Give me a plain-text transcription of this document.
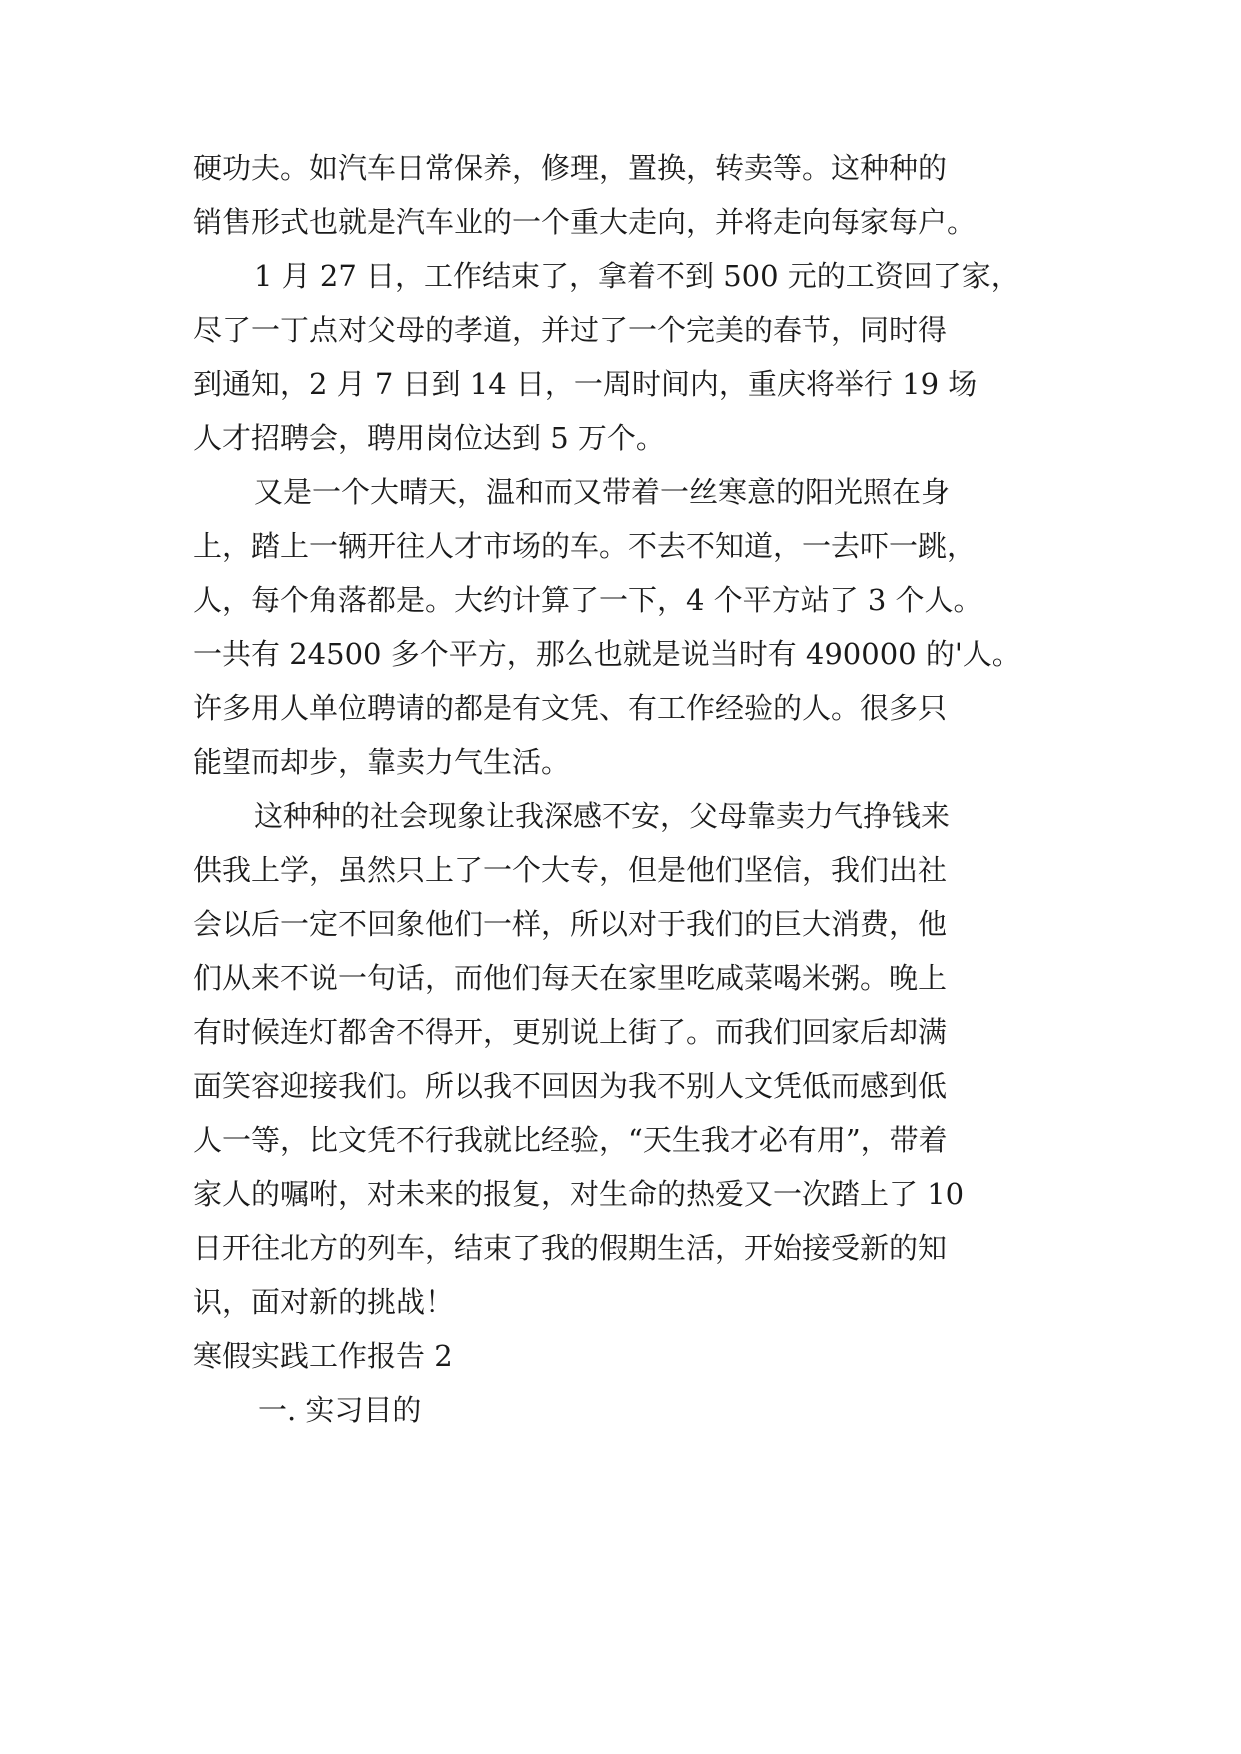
硬功夫。如汽车日常保养，修理，置换，转卖等。这种种的

销售形式也就是汽车业的一个重大走向，并将走向每家每户。

1 月 27 日，工作结束了，拿着不到 500 元的工资回了家，

尽了一丁点对父母的孝道，并过了一个完美的春节，同时得

到通知，2 月 7 日到 14 日，一周时间内，重庆将举行 19 场

人才招聘会，聘用岗位达到 5 万个。

又是一个大晴天，温和而又带着一丝寒意的阳光照在身

上，踏上一辆开往人才市场的车。不去不知道，一去吓一跳，

人，每个角落都是。大约计算了一下，4 个平方站了 3 个人。

一共有 24500 多个平方，那么也就是说当时有 490000 的'人。

许多用人单位聘请的都是有文凭、有工作经验的人。很多只

能望而却步，靠卖力气生活。

这种种的社会现象让我深感不安，父母靠卖力气挣钱来

供我上学，虽然只上了一个大专，但是他们坚信，我们出社

会以后一定不回象他们一样，所以对于我们的巨大消费，他

们从来不说一句话，而他们每天在家里吃咸菜喝米粥。晚上

有时候连灯都舍不得开，更别说上街了。而我们回家后却满

面笑容迎接我们。所以我不回因为我不别人文凭低而感到低

人一等，比文凭不行我就比经验，“天生我才必有用”，带着

家人的嘱咐，对未来的报复，对生命的热爱又一次踏上了 10

日开往北方的列车，结束了我的假期生活，开始接受新的知

识，面对新的挑战！

寒假实践工作报告 2

一. 实习目的
